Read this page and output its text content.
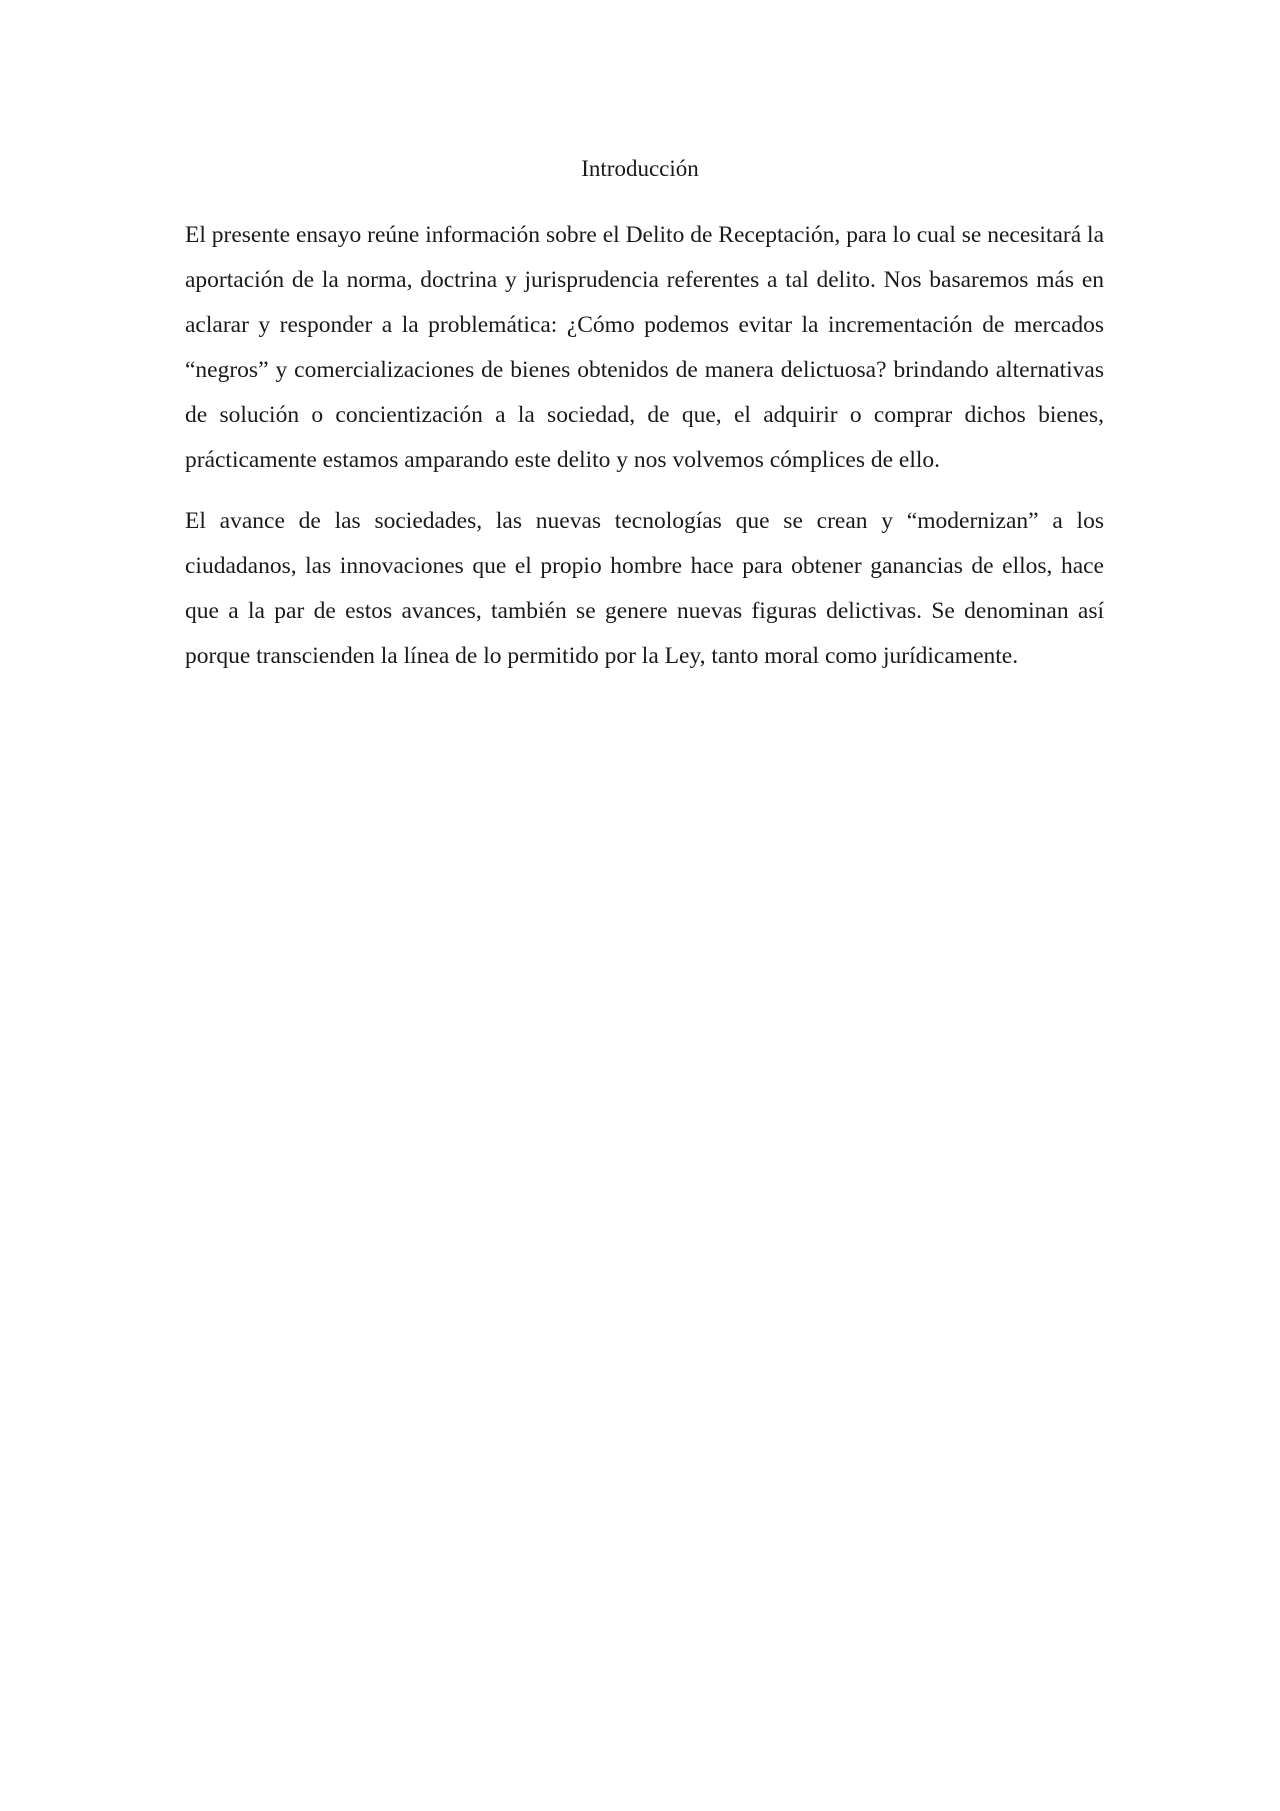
Introducción

El presente ensayo reúne información sobre el Delito de Receptación, para lo cual se necesitará la aportación de la norma, doctrina y jurisprudencia referentes a tal delito. Nos basaremos más en aclarar y responder a la problemática: ¿Cómo podemos evitar la incrementación de mercados “negros” y comercializaciones de bienes obtenidos de manera delictuosa? brindando alternativas de solución o concientización a la sociedad, de que, el adquirir o comprar dichos bienes, prácticamente estamos amparando este delito y nos volvemos cómplices de ello.

El avance de las sociedades, las nuevas tecnologías que se crean y “modernizan” a los ciudadanos, las innovaciones que el propio hombre hace para obtener ganancias de ellos, hace que a la par de estos avances, también se genere nuevas figuras delictivas. Se denominan así porque transcienden la línea de lo permitido por la Ley, tanto moral como jurídicamente.
